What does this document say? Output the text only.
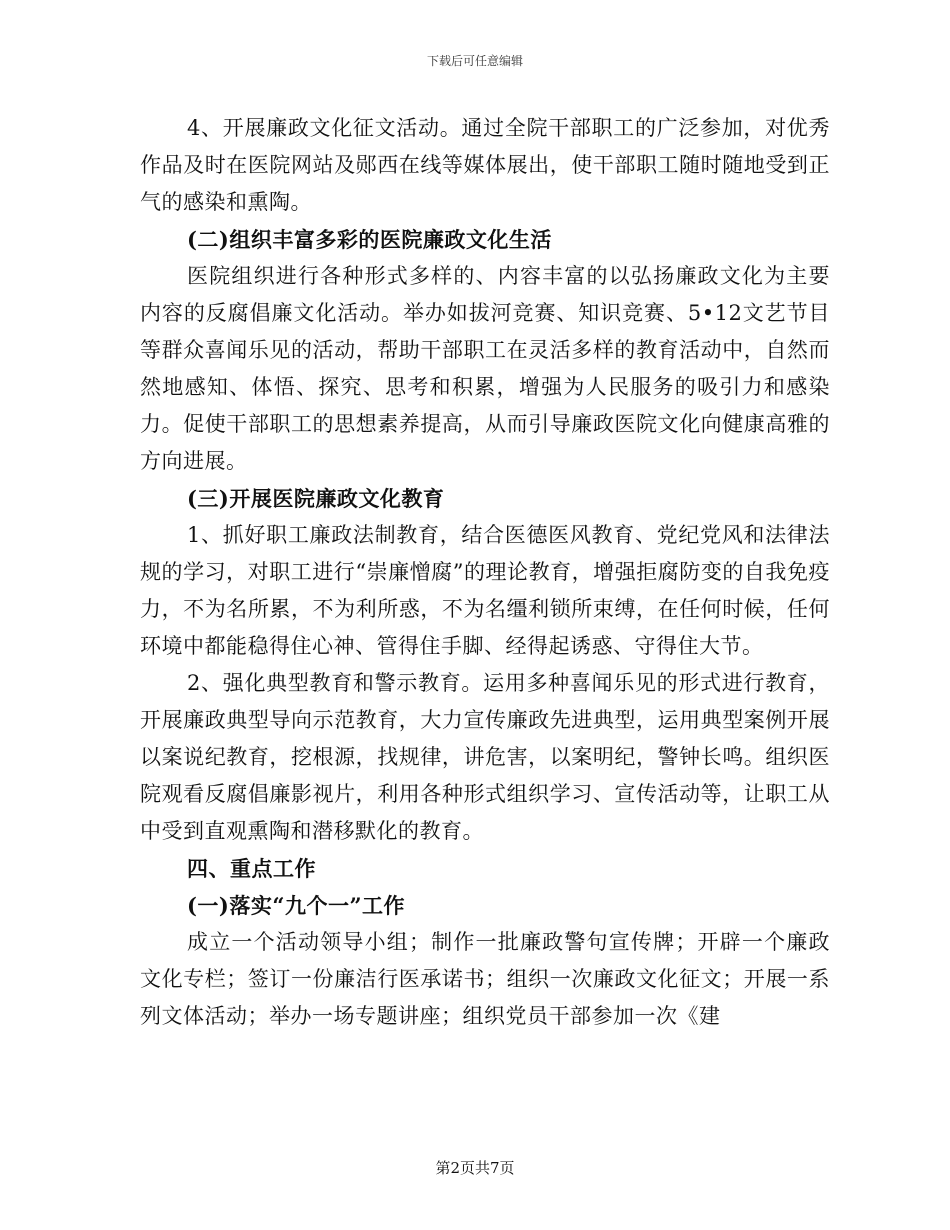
下载后可任意编辑

4、开展廉政文化征文活动。通过全院干部职工的广泛参加，对优秀作品及时在医院网站及郧西在线等媒体展出，使干部职工随时随地受到正气的感染和熏陶。

(二)组织丰富多彩的医院廉政文化生活

医院组织进行各种形式多样的、内容丰富的以弘扬廉政文化为主要内容的反腐倡廉文化活动。举办如拔河竞赛、知识竞赛、5•12文艺节目等群众喜闻乐见的活动，帮助干部职工在灵活多样的教育活动中，自然而然地感知、体悟、探究、思考和积累，增强为人民服务的吸引力和感染力。促使干部职工的思想素养提高，从而引导廉政医院文化向健康高雅的方向进展。

(三)开展医院廉政文化教育

1、抓好职工廉政法制教育，结合医德医风教育、党纪党风和法律法规的学习，对职工进行“崇廉憎腐”的理论教育，增强拒腐防变的自我免疫力，不为名所累，不为利所惑，不为名缰利锁所束缚，在任何时候，任何环境中都能稳得住心神、管得住手脚、经得起诱惑、守得住大节。

2、强化典型教育和警示教育。运用多种喜闻乐见的形式进行教育，开展廉政典型导向示范教育，大力宣传廉政先进典型，运用典型案例开展以案说纪教育，挖根源，找规律，讲危害，以案明纪，警钟长鸣。组织医院观看反腐倡廉影视片，利用各种形式组织学习、宣传活动等，让职工从中受到直观熏陶和潜移默化的教育。

四、重点工作

(一)落实“九个一”工作

成立一个活动领导小组；制作一批廉政警句宣传牌；开辟一个廉政文化专栏；签订一份廉洁行医承诺书；组织一次廉政文化征文；开展一系列文体活动；举办一场专题讲座；组织党员干部参加一次《建

第2页共7页
